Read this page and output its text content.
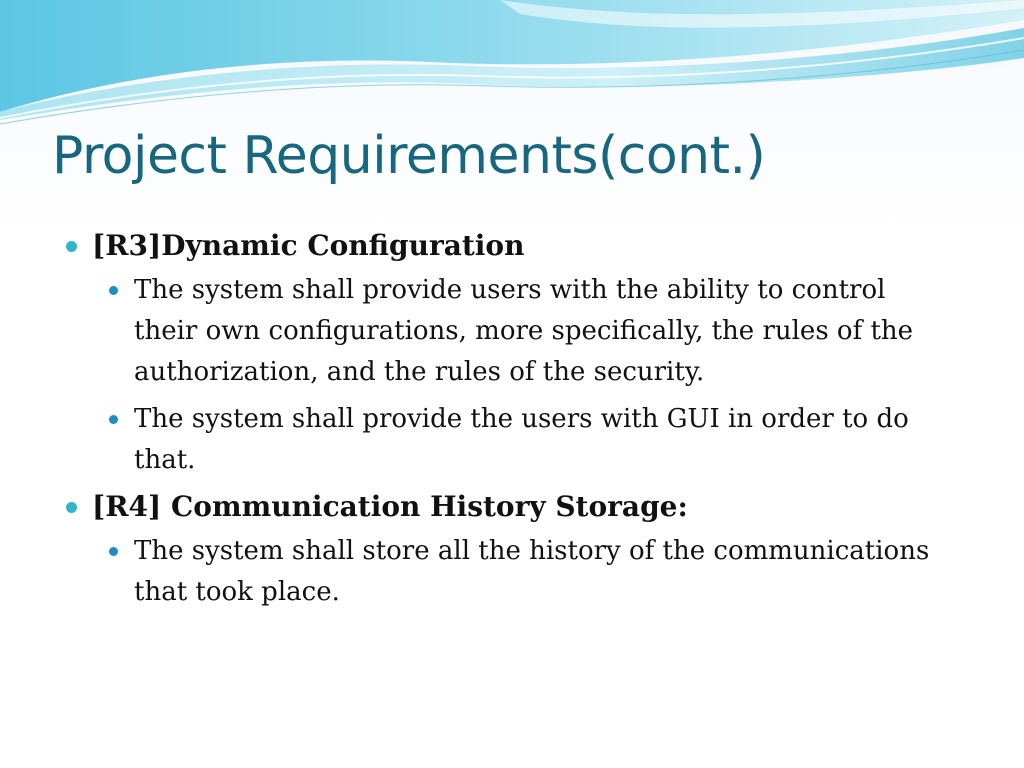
Project Requirements(cont.)
[R3]Dynamic Configuration
The system shall provide users with the ability to control their own configurations, more specifically, the rules of the authorization, and the rules of the security.
The system shall provide the users with GUI in order to do that.
[R4] Communication History Storage:
The system shall store all the history of the communications that took place.
